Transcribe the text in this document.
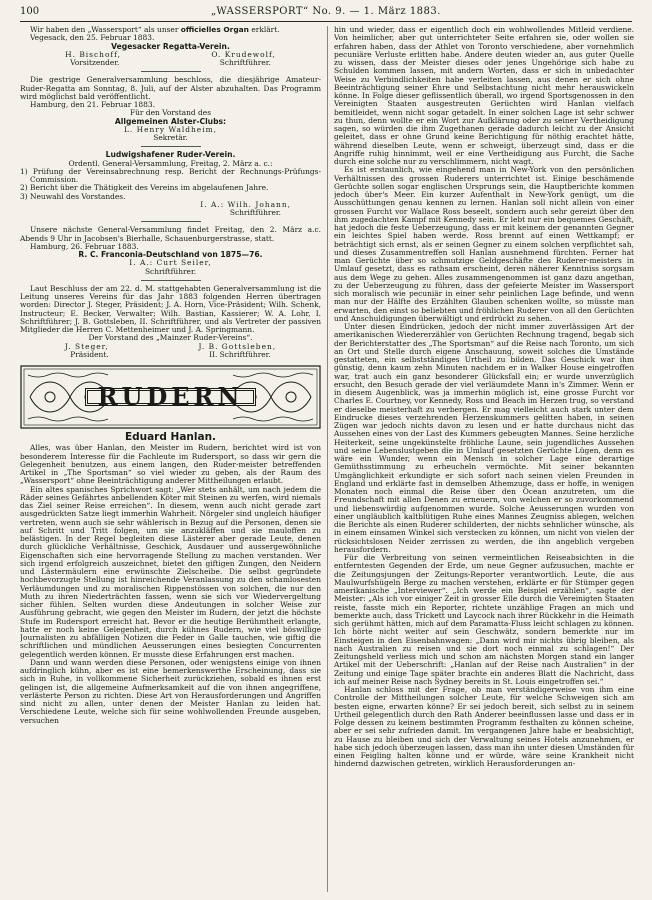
100	„WASSERSPORT“ No. 9. — 1. März 1883.

Wir haben den „Wassersport“ als unser officielles Organ erklärt.

Vegesack, den 25. Februar 1883.

Vegesacker Regatta-Verein.

H. Bischoff,	O. Krudewolf,
Vorsitzender.	Schriftführer.

Die gestrige Generalversammlung beschloss, die diesjährige Amateur-Ruder-Regatta am Sonntag, 8. Juli, auf der Alster abzuhalten. Das Programm wird möglichst bald veröffentlicht.

Hamburg, den 21. Februar 1883.

Für den Vorstand des

Allgemeinen Alster-Clubs:

L. Henry Waldheim,

Sekretär.

Ludwigshafener Ruder-Verein.

Ordentl. General-Versammlung, Freitag, 2. März a. c.:

1) Prüfung der Vereinsabrechnung resp. Bericht der Rechnungs-Prüfungs-Commission.

2) Bericht über die Thätigkeit des Vereins im abgelaufenen Jahre.

3) Neuwahl des Vorstandes.

I. A.: Wilh. Johann,

Schriftführer.

Unsere nächste General-Versammlung findet Freitag, den 2. März a.c. Abends 9 Uhr in Jacobsen's Bierhalle, Schauenburgerstrasse, statt.

Hamburg, 26. Februar 1883.

R. C. Franconia-Deutschland von 1875—76.

I. A.: Curt Seiler,

Schriftführer.

Laut Beschluss der am 22. d. M. stattgehabten Generalversammlung ist die Leitung unseres Vereins für das Jahr 1883 folgenden Herren übertragen worden: Director J. Steger, Präsident; J. A. Horn, Vice-Präsident; Wilh. Schenk, Instructeur; E. Becker, Verwalter; Wilh. Bastian, Kassierer; W. A. Lohr, I. Schriftführer; J. B. Gottsleben, II. Schriftführer, und als Vertreter der passiven Mitglieder die Herren C. Mettenheimer und J. A. Springmann.

Der Vorstand des „Mainzer Ruder-Vereins“.

J. Steger,	J. B. Gottsleben,
Präsident.	II. Schriftführer.
RUDERN

Eduard Hanlan.

Alles, was über Hanlan, den Meister im Rudern, berichtet wird ist von besonderem Interesse für die Fachleute im Rudersport, so dass wir gern die Gelegenheit benutzen, aus einem langen, den Ruder-meister betreffenden Artikel in „The Sportsman“ so viel wieder zu geben, als der Raum des „Wassersport“ ohne Beeinträchtigung anderer Mittheilungen erlaubt.

Ein altes spanisches Sprichwort sagt: „Wer stets anhält, um nach jedem die Räder seines Gefährtes anbellenden Köter mit Steinen zu werfen, wird niemals das Ziel seiner Reise erreichen“. In diesem, wenn auch nicht gerade zart ausgedrückten Satze liegt immerhin Wahrheit. Nörgeler sind ungleich häufiger vertreten, wenn auch sie sehr wählerisch in Bezug auf die Personen, denen sie auf Schritt und Tritt folgen, um sie anzukläffen und sie mauloffen zu belästigen. In der Regel begleiten diese Lästerer aber gerade Leute, denen durch glückliche Verhältnisse, Geschick, Ausdauer und aussergewöhnliche Eigenschaften sich eine hervorragende Stellung zu machen verstanden. Wer sich irgend erfolgreich auszeichnet, bietet den giftigen Zungen, den Neidern und Lästermäulern eine erwünschte Zielscheibe. Die selbst gegründete hochbevorzugte Stellung ist hinreichende Veranlassung zu den schamlosesten Verläumdungen und zu moralischen Rippenstössen von solchen, die nur den Muth zu ihren Niederträchten fassen, wenn sie sich vor Wiedervergeltung sicher fühlen. Selten wurden diese Andeutungen in solcher Weise zur Ausführung gebracht, wie gegen den Meister im Rudern, der jetzt die höchste Stufe im Rudersport erreicht hat. Bevor er die heutige Berühmtheit erlangte, hatte er noch keine Gelegenheit, durch kühnes Rudern, wie viel böswillige Journalisten zu abfälligen Notizen die Feder in Galle tauchen, wie giftig die schriftlichen und mündlichen Aeusserungen eines besiegten Concurrenten gelegentlich werden können. Er musste diese Erfahrungen erst machen.

Dann und wann werden diese Personen, oder wenigstens einige von ihnen aufdringlich kühn, aber es ist eine bemerkenswerthe Erscheinung, dass sie sich in Ruhe, in vollkommene Sicherheit zurückziehen, sobald es ihnen erst gelingen ist, die allgemeine Aufmerksamkeit auf die von ihnen angegriffene, verlästerte Person zu richten. Diese Art von Herausforderungen und Angriffen sind nicht zu allen, unter denen der Meister Hanlan zu leiden hat. Verschiedene Leute, welche sich für seine wohlwollenden Freunde ausgeben, versuchen

hin und wieder, dass er eigentlich doch ein wohlwollendes Mitleid verdiene. Von heimlicher, aber gut unterrichteter Seite erfahren sie, oder wollen sie erfahren haben, dass der Athlet von Toronto verschiedene, aber vornehmlich pecuniäre Verluste erlitten habe. Andere deuten wieder an, aus guter Quelle zu wissen, dass der Meister dieses oder jenes Ungehörige sich habe zu Schulden kommen lassen, mit andern Worten, dass er sich in unbedachter Weise zu Verbindlichkeiten habe verleiten lassen, aus denen er sich ohne Beeinträchtigung seiner Ehre und Selbstachtung nicht mehr herauswickeln könne. In Folge dieser geflissentlich überall, wo irgend Sportsgenossen in den Vereinigten Staaten ausgestreuten Gerüchten wird Hanlan vielfach bemitleidet, wenn nicht sogar getadelt. In einer solchen Lage ist sehr schwer zu thun, denn wollte er ein Wort zur Aufklärung oder zu seiner Vertheidigung sagen, so würden die ihm Zugethanen gerade dadurch leicht zu der Ansicht geleitet, dass er ohne Grund keine Berichtigung für nöthig erachtet hätte, während dieselben Leute, wenn er schweigt, überzeugt sind, dass er die Angriffe ruhig hinnimmt, weil er eine Vertheidigung aus Furcht, die Sache durch eine solche nur zu verschlimmern, nicht wagt.

Es ist erstaunlich, wie eingehend man in New-York von den persönlichen Verhältnissen des grossen Ruderers unterrichtet ist. Einige beschämende Gerüchte sollen sogar englischen Ursprungs sein, die Hauptberichte kommen jedoch über's Meer. Ein kurzer Aufenthalt in New-York genügt, um die Ausschüttungen genau kennen zu lernen. Hanlan soll nicht allein von einer grossen Furcht vor Wallace Ross beseelt, sondern auch sehr gereizt über den ihm zugedachten Kampf mit Kennedy sein. Er lebt nur ein bequemes Geschäft, hat jedoch die feste Ueberzeugung, dass er mit keinem der genannten Gegner ein leichtes Spiel haben werde. Ross brennt auf einen Wettkampf; er beträchtigt sich ernst, als er seinen Gegner zu einem solchen verpflichtet sah, und dieses Zusammentreffen soll Hanlan ausnehmend fürchten. Ferner hat man Gerüchte über so schmutzige Geldgeschäfte des Ruderer-meisters in Umlauf gesetzt, dass es rathsam erscheint, deren näherer Kenntniss sorgsam aus dem Wege zu gehen. Alles zusammengenommen ist ganz dazu angethan, zu der Ueberzeugung zu führen, dass der gefeierte Meister im Wassersport sich moralisch wie pecuniär in einer sehr peinlichen Lage befinde, und wenn man nur der Hälfte des Erzählten Glauben schenken wollte, so müsste man erwarten, den einst so beliebten und fröhlichen Ruderer von all den Gerüchten und Anschuldigungen überwältigt und erdrückt zu sehen.

Unter diesen Eindrücken, jedoch der nicht immer zuverlässigen Art der amerikanischen Wiedererzähler von Gerüchten Rechnung tragend, begab sich der Berichterstatter des „The Sportsman“ auf die Reise nach Toronto, um sich an Ort und Stelle durch eigene Anschauung, soweit solches die Umstände gestatteten, ein selbstständiges Urtheil zu bilden. Das Geschick war ihm günstig, denn kaum zehn Minuten nachdem er in Walker House eingetroffen war, trat auch ein ganz besonderer Glücksfall ein; er wurde unverzüglich ersucht, den Besuch gerade der viel verläumdete Mann in's Zimmer. Wenn er in diesem Augenblick, was ja immerhin möglich ist, eine grosse Furcht vor Charles E. Courtney, vor Kennedy, Ross und Beach im Herzen trug, so verstand er dieselbe meisterhaft zu verbergen. Er mag vielleicht auch stark unter dem Eindrucke dieses verzehrenden Herzenskummers gelitten haben, in seinen Zügen war jedoch nichts davon zu lesen und er hatte durchaus nicht das Aussehen eines von der Last des Kummers gebeugten Mannes. Seine herzliche Heiterkeit, seine ungekünstelte fröhliche Laune, sein jugendliches Aussehen und seine Lebenslustgeben die in Umlauf gesetzten Gerüchte Lügen, denn es wäre ein Wunder, wenn ein Mensch in solcher Lage eine derartige Gemüthsstimmung zu erheucheln vermöchte. Mit seiner bekannten Umgänglichkeit erkundigte er sich sofort nach seinen vielen Freunden in England und erklärte fast in demselben Athemzuge, dass er hoffe, in wenigen Monaten noch einmal die Reise über den Ocean anzutreten, um die Freundschaft mit allen Denen zu erneuern, von welchen er so zuvorkommend und liebenswürdig aufgenommen wurde. Solche Aeusserungen wurden von einer ungläublich kaltblütigen Ruhe eines Mannes Zeugniss ablegen, welchen die Berichte als einen Ruderer schilderten, der nichts sehnlicher wünsche, als in einem einsamen Winkel sich verstecken zu können, um nicht von vielen der rücksichtslosen Neider zerrissen zu werden, die ihn angeblich vergeben herausfordern.

Für die Verbreitung von seinen vermeintlichen Reiseabsichten in die entferntesten Gegenden der Erde, um neue Gegner aufzusuchen, machte er die Zeitungsjungen der Zeitungs-Reporter verantwortlich. Leute, die aus Maulwurfshügeln Berge zu machen verstehen, erklärte er für Stümper gegen amerikanische „Interviewer“. „Ich werde ein Beispiel erzählen“, sagte der Meister: „Als ich vor einiger Zeit in grosser Eile durch die Vereinigten Staaten reiste, fasste mich ein Reporter, richtete unzählige Fragen an mich und bemerkte auch, dass Trickett und Laycock nach ihrer Rückkehr in die Heimath sich gerühmt hätten, mich auf dem Paramatta-Fluss leicht schlagen zu können. Ich hörte nicht weiter auf sein Geschwätz, sondern bemerkte nur im Einsteigen in den Eisenbahnwagen: „Dann wird mir nichts übrig bleiben, als nach Australien zu reisen und sie dort noch einmal zu schlagen!“ Der Zeitungsheld verliess mich und schon am nächsten Morgen stand ein langer Artikel mit der Ueberschrift: „Hanlan auf der Reise nach Australien“ in der Zeitung und einige Tage später brachte ein anderes Blatt die Nachricht, dass ich auf meiner Reise nach Sydney bereits in St. Louis eingetroffen sei.“

Hanlan schloss mit der Frage, ob man verständigerweise von ihm eine Controlle der Mittheilungen solcher Leute, für welche Schweigen sich am besten eigne, erwarten könne? Er sei jedoch bereit, sich selbst zu in seinem Urtheil gelegentlich durch den Rath Anderer beeinflussen lasse und dass er in Folge dessen zu keinem bestimmten Programm festhalten zu können scheine, aber er sei sehr zufrieden damit. Im vergangenen Jahre habe er beabsichtigt, zu Hause zu bleiben und sich der Verwaltung seines Hotels anzunehmen, er habe sich jedoch überzeugen lassen, dass man ihn unter diesen Umständen für einen Feigling halten könne und er würde, wäre seine Krankheit nicht hindernd dazwischen getreten, wirklich Herausforderungen an-
